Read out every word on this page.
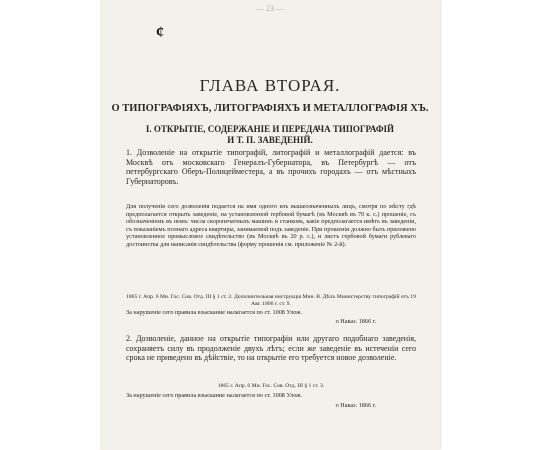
— 23 —
¢
ГЛАВА ВТОРАЯ.
О ТИПОГРАФІЯХЪ, ЛИТОГРАФІЯХЪ И МЕТАЛЛОГРАФІЯ ХЪ.
I. ОТКРЫТІЕ, СОДЕРЖАНІЕ И ПЕРЕДАЧА ТИПОГРАФІЙ
И Т. П. ЗАВЕДЕНІЙ.
1. Дозволеніе на открытіе типографій, литографій и металлографій дается: въ Москвѣ отъ московскаго Генералъ-Губернатора, въ Петербургѣ — отъ петербургскаго Оберъ-Полицейместера, а въ прочихъ городахъ — отъ мѣстныхъ Губернаторовъ.
Для полученія сего дозволенія подается на имя одного изъ вышеозначенныхъ лицъ, смотря по мѣсту гдѣ предполагается открыть заведеніе, на установленной гербовой бумагѣ (въ Москвѣ въ 70 к. с.) прошеніе, съ обозначеніемъ въ немъ: числа скоропечатныхъ машинъ и станковъ, какіе предполагается имѣть въ заведеніи, съ показаніемъ полнаго адреса квартиры, занимаемой подъ заведеніе. При прошеніи должно быть приложено установленное промысловое свидѣтельство (въ Москвѣ въ 20 р. с.), и листъ гербовой бумаги рублеваго достоинства для написанія свидѣтельства (форму прошенія см. приложеніе № 2-й).
1865 г. Апр. 6 Мн. Гос. Сов. Отд. III § 1 ст. 2. Дополнительная инструкція Мин. В. Дѣлъ Министерству типографій отъ 19 Авг. 1866 г. ст. 9.
За нарушеніе сего правила взыскание налагается по ст. 1008 Улож.
о Наказ. 1866 г.
2. Дозволеніе, данное на открытіе типографіи или другаго подобнаго заведенія, сохраняетъ силу въ продолженіе двухъ лѣтъ; если же заведеніе въ истеченіи сего срока не приведено въ дѣйствіе, то на открытіе его требуется новое дозволеніе.
1865 г. Апр. 6 Мн. Гос. Сов. Отд. III § 1 ст. 3.
За нарушеніе сего правила взыскание налагается по ст. 1008 Улож.
о Наказ. 1866 г.
